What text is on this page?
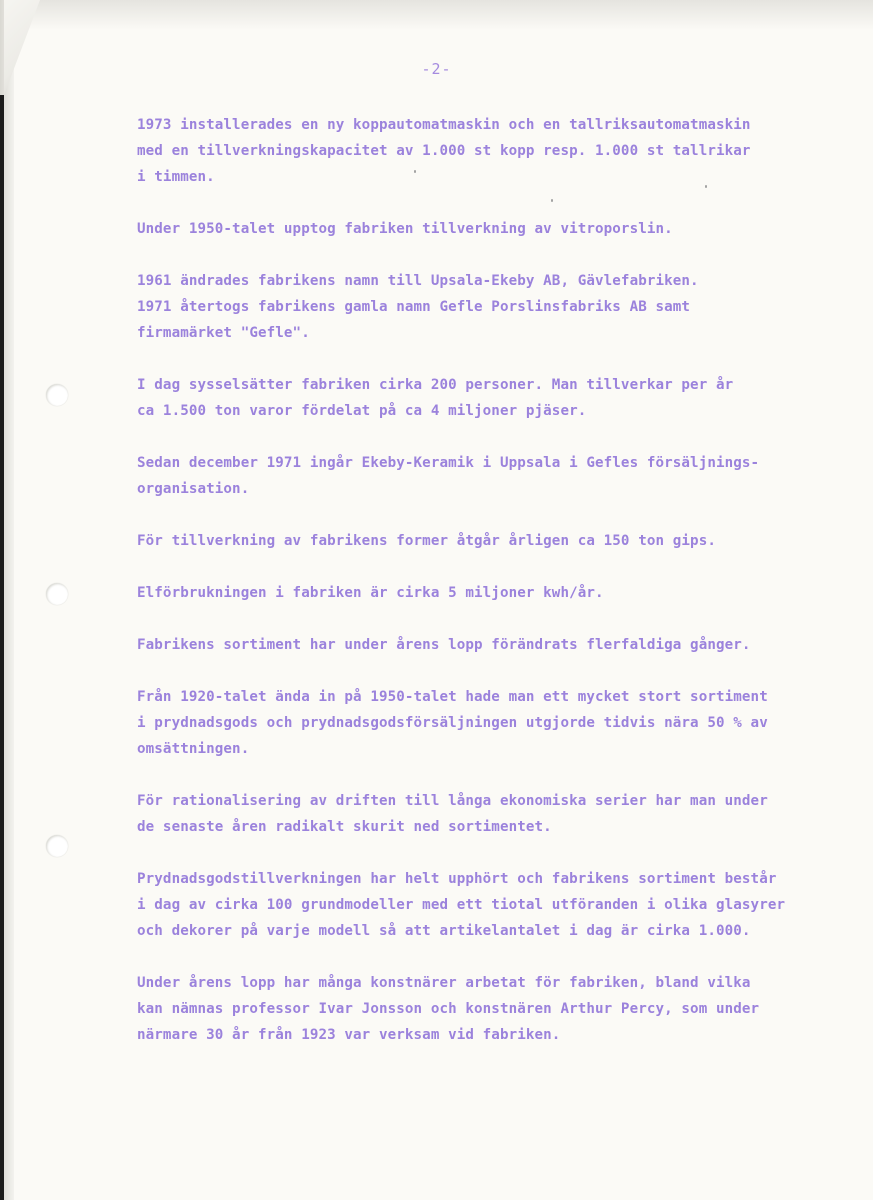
-2-
1973 installerades en ny koppautomatmaskin och en tallriksautomatmaskin
med en tillverkningskapacitet av 1.000 st kopp resp. 1.000 st tallrikar
i timmen.
Under 1950-talet upptog fabriken tillverkning av vitroporslin.
1961 ändrades fabrikens namn till Upsala-Ekeby AB, Gävlefabriken.
1971 återtogs fabrikens gamla namn Gefle Porslinsfabriks AB samt
firmamärket "Gefle".
I dag sysselsätter fabriken cirka 200 personer. Man tillverkar per år
ca 1.500 ton varor fördelat på ca 4 miljoner pjäser.
Sedan december 1971 ingår Ekeby-Keramik i Uppsala i Gefles försäljnings-
organisation.
För tillverkning av fabrikens former åtgår årligen ca 150 ton gips.
Elförbrukningen i fabriken är cirka 5 miljoner kwh/år.
Fabrikens sortiment har under årens lopp förändrats flerfaldiga gånger.
Från 1920-talet ända in på 1950-talet hade man ett mycket stort sortiment
i prydnadsgods och prydnadsgodsförsäljningen utgjorde tidvis nära 50 % av
omsättningen.
För rationalisering av driften till långa ekonomiska serier har man under
de senaste åren radikalt skurit ned sortimentet.
Prydnadsgodstillverkningen har helt upphört och fabrikens sortiment består
i dag av cirka 100 grundmodeller med ett tiotal utföranden i olika glasyrer
och dekorer på varje modell så att artikelantalet i dag är cirka 1.000.
Under årens lopp har många konstnärer arbetat för fabriken, bland vilka
kan nämnas professor Ivar Jonsson och konstnären Arthur Percy, som under
närmare 30 år från 1923 var verksam vid fabriken.
